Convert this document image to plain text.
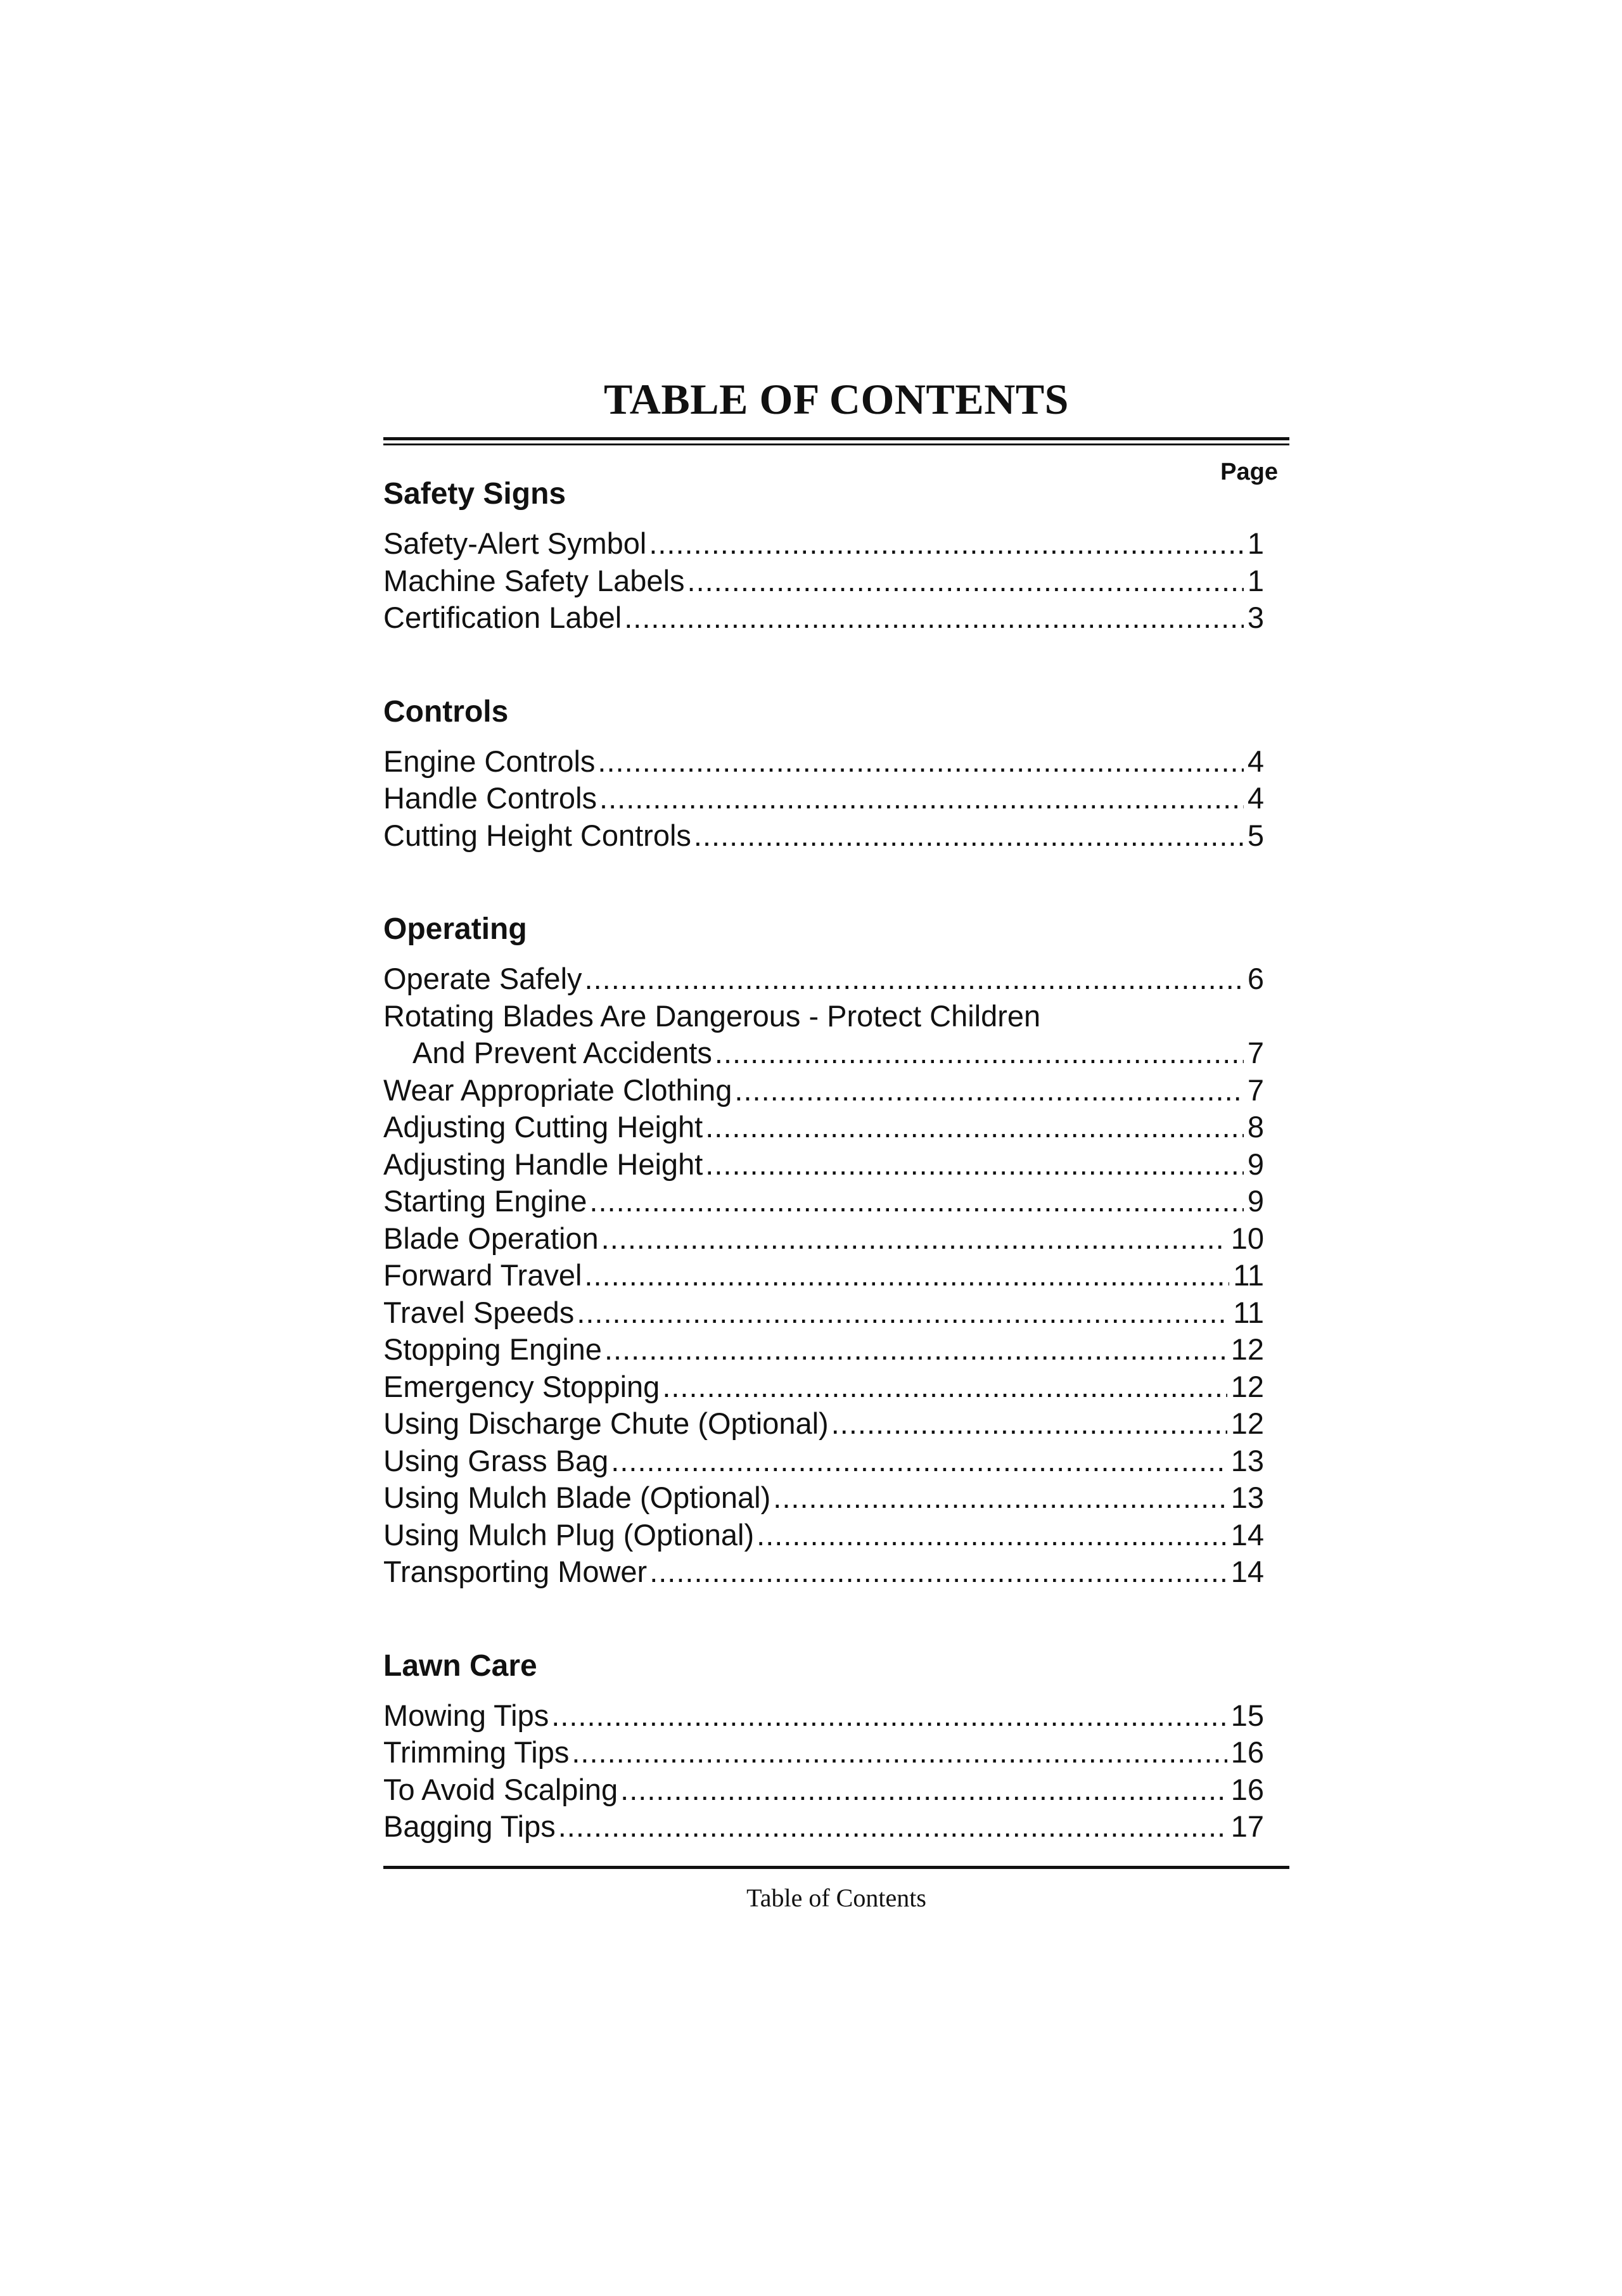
TABLE OF CONTENTS
Page
Safety Signs
Safety-Alert Symbol .....	1
Machine Safety Labels .....	1
Certification Label .....	3
Controls
Engine Controls .....	4
Handle Controls .....	4
Cutting Height Controls .....	5
Operating
Operate Safely .....	6
Rotating Blades Are Dangerous - Protect Children
And Prevent Accidents .....	7
Wear Appropriate Clothing .....	7
Adjusting Cutting Height .....	8
Adjusting Handle Height .....	9
Starting Engine .....	9
Blade Operation .....	10
Forward Travel .....	11
Travel Speeds .....	11
Stopping Engine .....	12
Emergency Stopping .....	12
Using Discharge Chute (Optional) .....	12
Using Grass Bag .....	13
Using Mulch Blade (Optional) .....	13
Using Mulch Plug (Optional) .....	14
Transporting Mower .....	14
Lawn Care
Mowing Tips .....	15
Trimming Tips .....	16
To Avoid Scalping .....	16
Bagging Tips .....	17
Table of Contents
